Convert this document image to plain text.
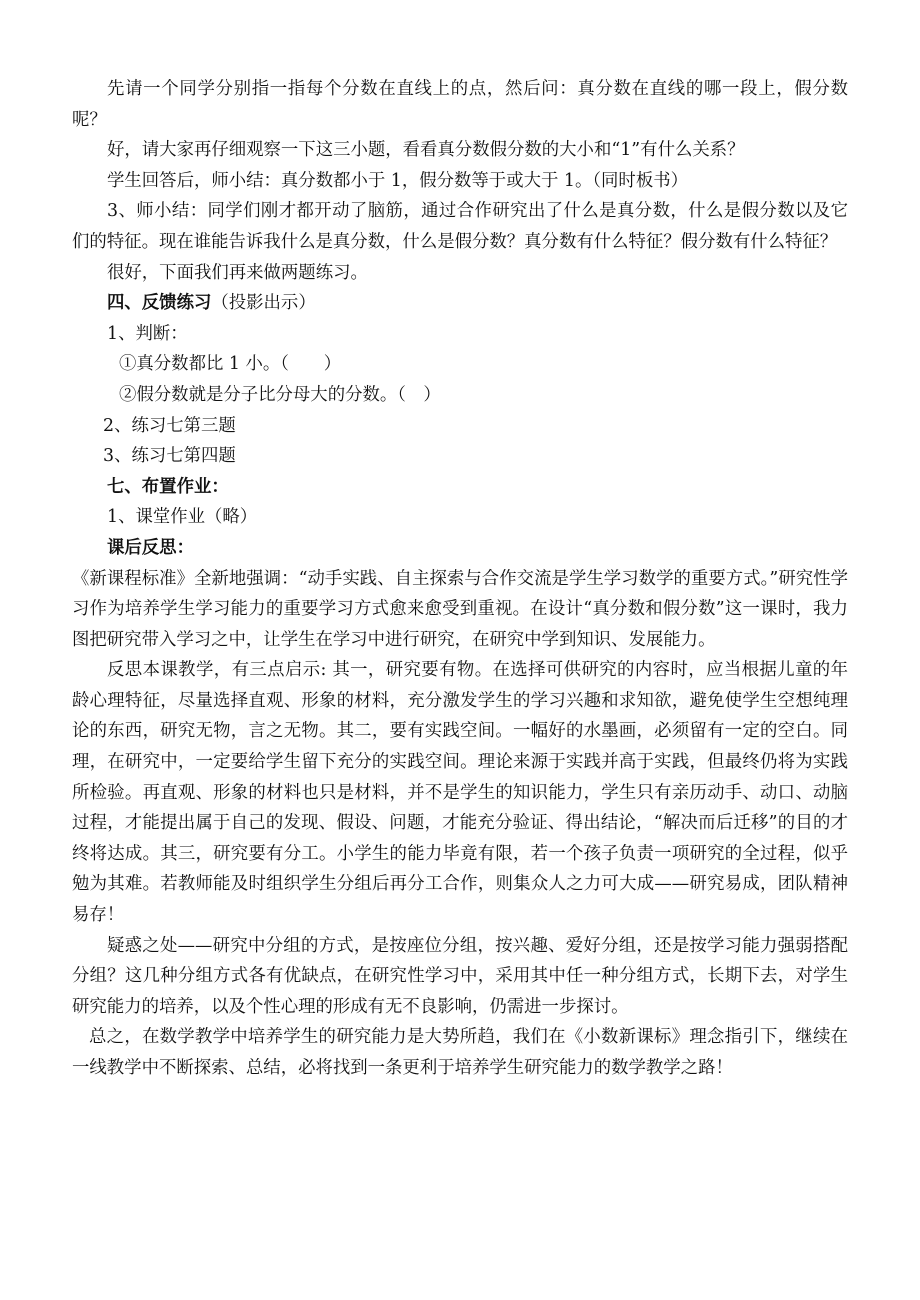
先请一个同学分别指一指每个分数在直线上的点，然后问：真分数在直线的哪一段上，假分数呢？

好，请大家再仔细观察一下这三小题，看看真分数假分数的大小和“1”有什么关系？

学生回答后，师小结：真分数都小于 1，假分数等于或大于 1。（同时板书）

3、师小结：同学们刚才都开动了脑筋，通过合作研究出了什么是真分数，什么是假分数以及它们的特征。现在谁能告诉我什么是真分数，什么是假分数？真分数有什么特征？假分数有什么特征？

很好，下面我们再来做两题练习。

四、反馈练习（投影出示）

1、判断：

①真分数都比 1 小。（　　）

②假分数就是分子比分母大的分数。（　）

2、练习七第三题

3、练习七第四题

七、布置作业：

1、课堂作业（略）

课后反思：

《新课程标准》全新地强调：“动手实践、自主探索与合作交流是学生学习数学的重要方式。”研究性学习作为培养学生学习能力的重要学习方式愈来愈受到重视。在设计“真分数和假分数”这一课时，我力图把研究带入学习之中，让学生在学习中进行研究，在研究中学到知识、发展能力。

反思本课教学，有三点启示: 其一，研究要有物。在选择可供研究的内容时，应当根据儿童的年龄心理特征，尽量选择直观、形象的材料，充分激发学生的学习兴趣和求知欲，避免使学生空想纯理论的东西，研究无物，言之无物。其二，要有实践空间。一幅好的水墨画，必须留有一定的空白。同理，在研究中，一定要给学生留下充分的实践空间。理论来源于实践并高于实践，但最终仍将为实践所检验。再直观、形象的材料也只是材料，并不是学生的知识能力，学生只有亲历动手、动口、动脑过程，才能提出属于自己的发现、假设、问题，才能充分验证、得出结论，“解决而后迁移”的目的才终将达成。其三，研究要有分工。小学生的能力毕竟有限，若一个孩子负责一项研究的全过程，似乎勉为其难。若教师能及时组织学生分组后再分工合作，则集众人之力可大成——研究易成，团队精神易存！

疑惑之处——研究中分组的方式，是按座位分组，按兴趣、爱好分组，还是按学习能力强弱搭配分组？这几种分组方式各有优缺点，在研究性学习中，采用其中任一种分组方式，长期下去，对学生研究能力的培养，以及个性心理的形成有无不良影响，仍需进一步探讨。

总之，在数学教学中培养学生的研究能力是大势所趋，我们在《小数新课标》理念指引下，继续在一线教学中不断探索、总结，必将找到一条更利于培养学生研究能力的数学教学之路！
